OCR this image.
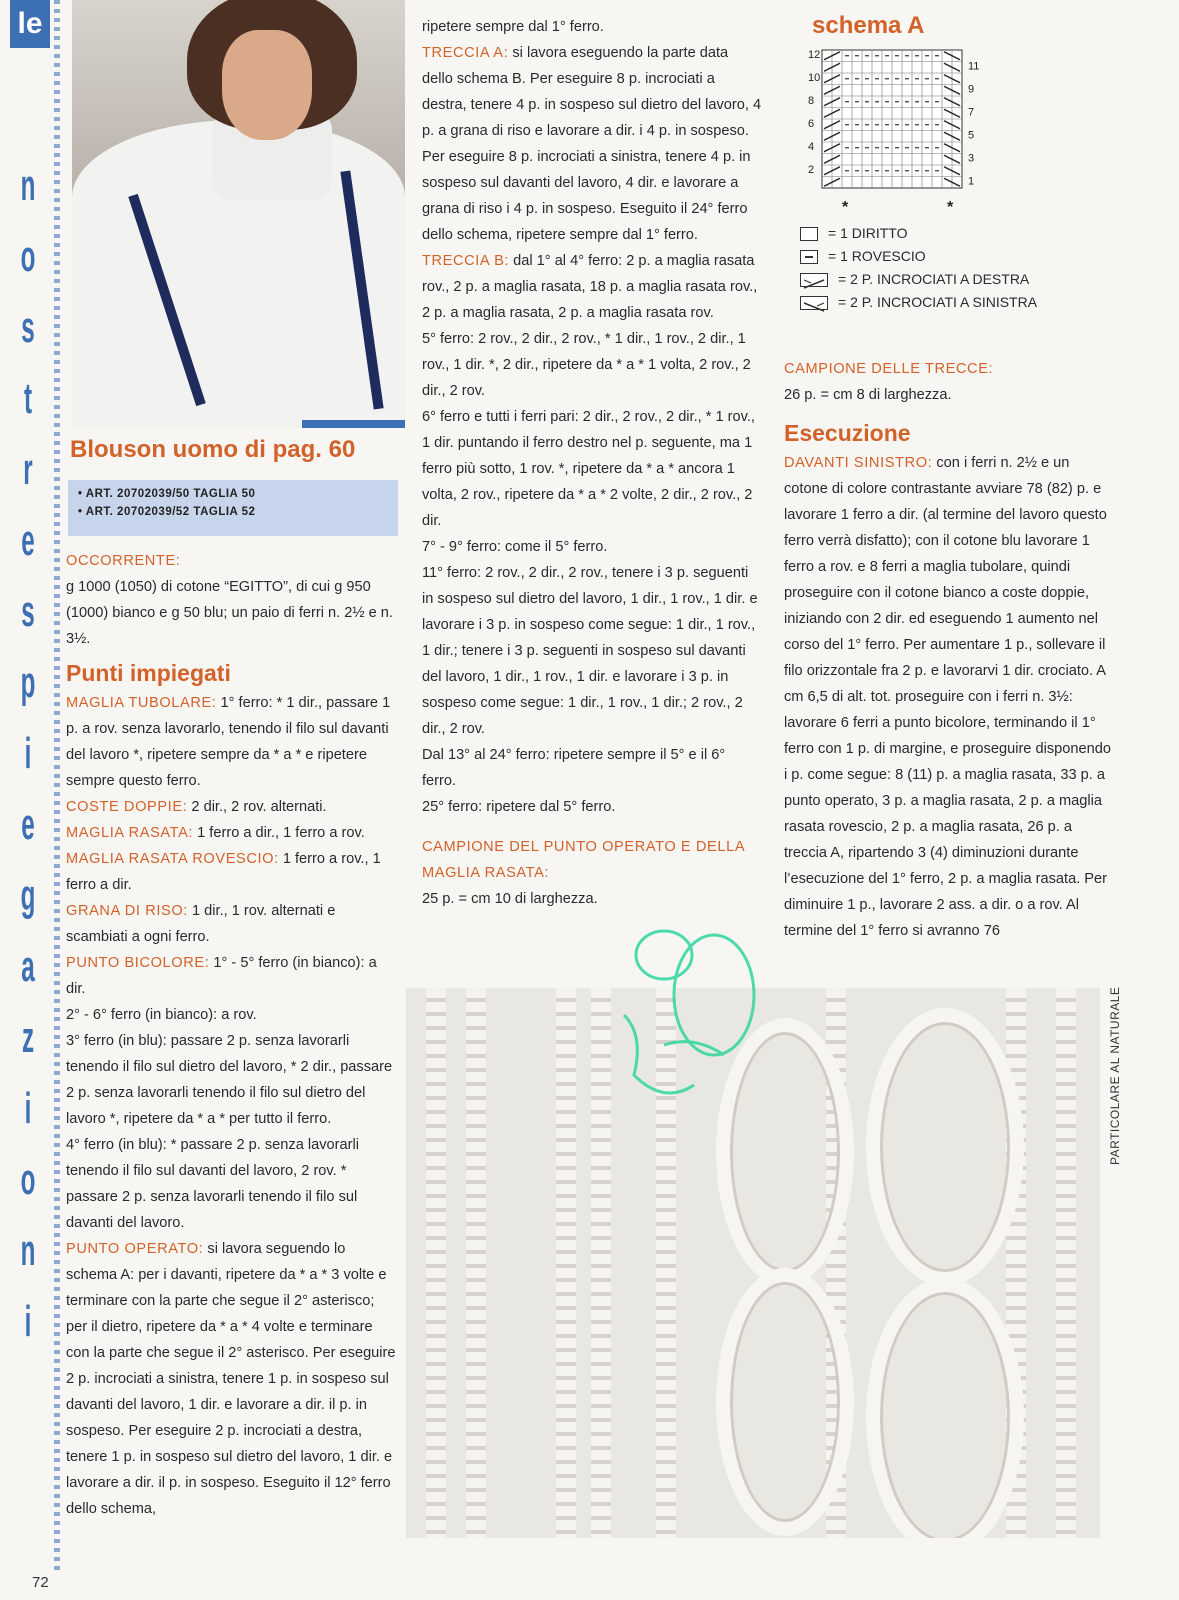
le
n
o
s
t
r
e
s
p
i
e
g
a
z
i
o
n
i
72
Blouson uomo di pag. 60
• ART. 20702039/50 TAGLIA 50
• ART. 20702039/52 TAGLIA 52

OCCORRENTE:

g 1000 (1050) di cotone “EGITTO”, di cui g 950 (1000) bianco e g 50 blu; un paio di ferri n. 2½ e n. 3½.

Punti impiegati

MAGLIA TUBOLARE: 1° ferro: * 1 dir., passare 1 p. a rov. senza lavorarlo, tenendo il filo sul davanti del lavoro *, ripetere sempre da * a * e ripetere sempre questo ferro.

COSTE DOPPIE: 2 dir., 2 rov. alternati.

MAGLIA RASATA: 1 ferro a dir., 1 ferro a rov.

MAGLIA RASATA ROVESCIO: 1 ferro a rov., 1 ferro a dir.

GRANA DI RISO: 1 dir., 1 rov. alternati e scambiati a ogni ferro.

PUNTO BICOLORE: 1° - 5° ferro (in bianco): a dir.

2° - 6° ferro (in bianco): a rov.

3° ferro (in blu): passare 2 p. senza lavorarli tenendo il filo sul dietro del lavoro, * 2 dir., passare 2 p. senza lavorarli tenendo il filo sul dietro del lavoro *, ripetere da * a * per tutto il ferro.

4° ferro (in blu): * passare 2 p. senza lavorarli tenendo il filo sul davanti del lavoro, 2 rov. * passare 2 p. senza lavorarli tenendo il filo sul davanti del lavoro.

PUNTO OPERATO: si lavora seguendo lo schema A: per i davanti, ripetere da * a * 3 volte e terminare con la parte che segue il 2° asterisco; per il dietro, ripetere da * a * 4 volte e terminare con la parte che segue il 2° asterisco. Per eseguire 2 p. incrociati a sinistra, tenere 1 p. in sospeso sul davanti del lavoro, 1 dir. e lavorare a dir. il p. in sospeso. Per eseguire 2 p. incrociati a destra, tenere 1 p. in sospeso sul dietro del lavoro, 1 dir. e lavorare a dir. il p. in sospeso. Eseguito il 12° ferro dello schema,

ripetere sempre dal 1° ferro.

TRECCIA A: si lavora eseguendo la parte data dello schema B. Per eseguire 8 p. incrociati a destra, tenere 4 p. in sospeso sul dietro del lavoro, 4 p. a grana di riso e lavorare a dir. i 4 p. in sospeso. Per eseguire 8 p. incrociati a sinistra, tenere 4 p. in sospeso sul davanti del lavoro, 4 dir. e lavorare a grana di riso i 4 p. in sospeso. Eseguito il 24° ferro dello schema, ripetere sempre dal 1° ferro.

TRECCIA B: dal 1° al 4° ferro: 2 p. a maglia rasata rov., 2 p. a maglia rasata, 18 p. a maglia rasata rov., 2 p. a maglia rasata, 2 p. a maglia rasata rov.

5° ferro: 2 rov., 2 dir., 2 rov., * 1 dir., 1 rov., 2 dir., 1 rov., 1 dir. *, 2 dir., ripetere da * a * 1 volta, 2 rov., 2 dir., 2 rov.

6° ferro e tutti i ferri pari: 2 dir., 2 rov., 2 dir., * 1 rov., 1 dir. puntando il ferro destro nel p. seguente, ma 1 ferro più sotto, 1 rov. *, ripetere da * a * ancora 1 volta, 2 rov., ripetere da * a * 2 volte, 2 dir., 2 rov., 2 dir.

7° - 9° ferro: come il 5° ferro.

11° ferro: 2 rov., 2 dir., 2 rov., tenere i 3 p. seguenti in sospeso sul dietro del lavoro, 1 dir., 1 rov., 1 dir. e lavorare i 3 p. in sospeso come segue: 1 dir., 1 rov., 1 dir.; tenere i 3 p. seguenti in sospeso sul davanti del lavoro, 1 dir., 1 rov., 1 dir. e lavorare i 3 p. in sospeso come segue: 1 dir., 1 rov., 1 dir.; 2 rov., 2 dir., 2 rov.

Dal 13° al 24° ferro: ripetere sempre il 5° e il 6° ferro.

25° ferro: ripetere dal 5° ferro.

CAMPIONE DEL PUNTO OPERATO E DELLA MAGLIA RASATA:

25 p. = cm 10 di larghezza.

schema A
12
10
8
6
4
2
11
9
7
5
3
1
*	*
= 1 DIRITTO
= 1 ROVESCIO
= 2 P. INCROCIATI A DESTRA
= 2 P. INCROCIATI A SINISTRA

CAMPIONE DELLE TRECCE:

26 p. = cm 8 di larghezza.

Esecuzione

DAVANTI SINISTRO: con i ferri n. 2½ e un cotone di colore contrastante avviare 78 (82) p. e lavorare 1 ferro a dir. (al termine del lavoro questo ferro verrà disfatto); con il cotone blu lavorare 1 ferro a rov. e 8 ferri a maglia tubolare, quindi proseguire con il cotone bianco a coste doppie, iniziando con 2 dir. ed eseguendo 1 aumento nel corso del 1° ferro. Per aumentare 1 p., sollevare il filo orizzontale fra 2 p. e lavorarvi 1 dir. crociato. A cm 6,5 di alt. tot. proseguire con i ferri n. 3½: lavorare 6 ferri a punto bicolore, terminando il 1° ferro con 1 p. di margine, e proseguire disponendo i p. come segue: 8 (11) p. a maglia rasata, 33 p. a punto operato, 3 p. a maglia rasata, 2 p. a maglia rasata rovescio, 2 p. a maglia rasata, 26 p. a treccia A, ripartendo 3 (4) diminuzioni durante l’esecuzione del 1° ferro, 2 p. a maglia rasata. Per diminuire 1 p., lavorare 2 ass. a dir. o a rov. Al termine del 1° ferro si avranno 76

PARTICOLARE AL NATURALE
